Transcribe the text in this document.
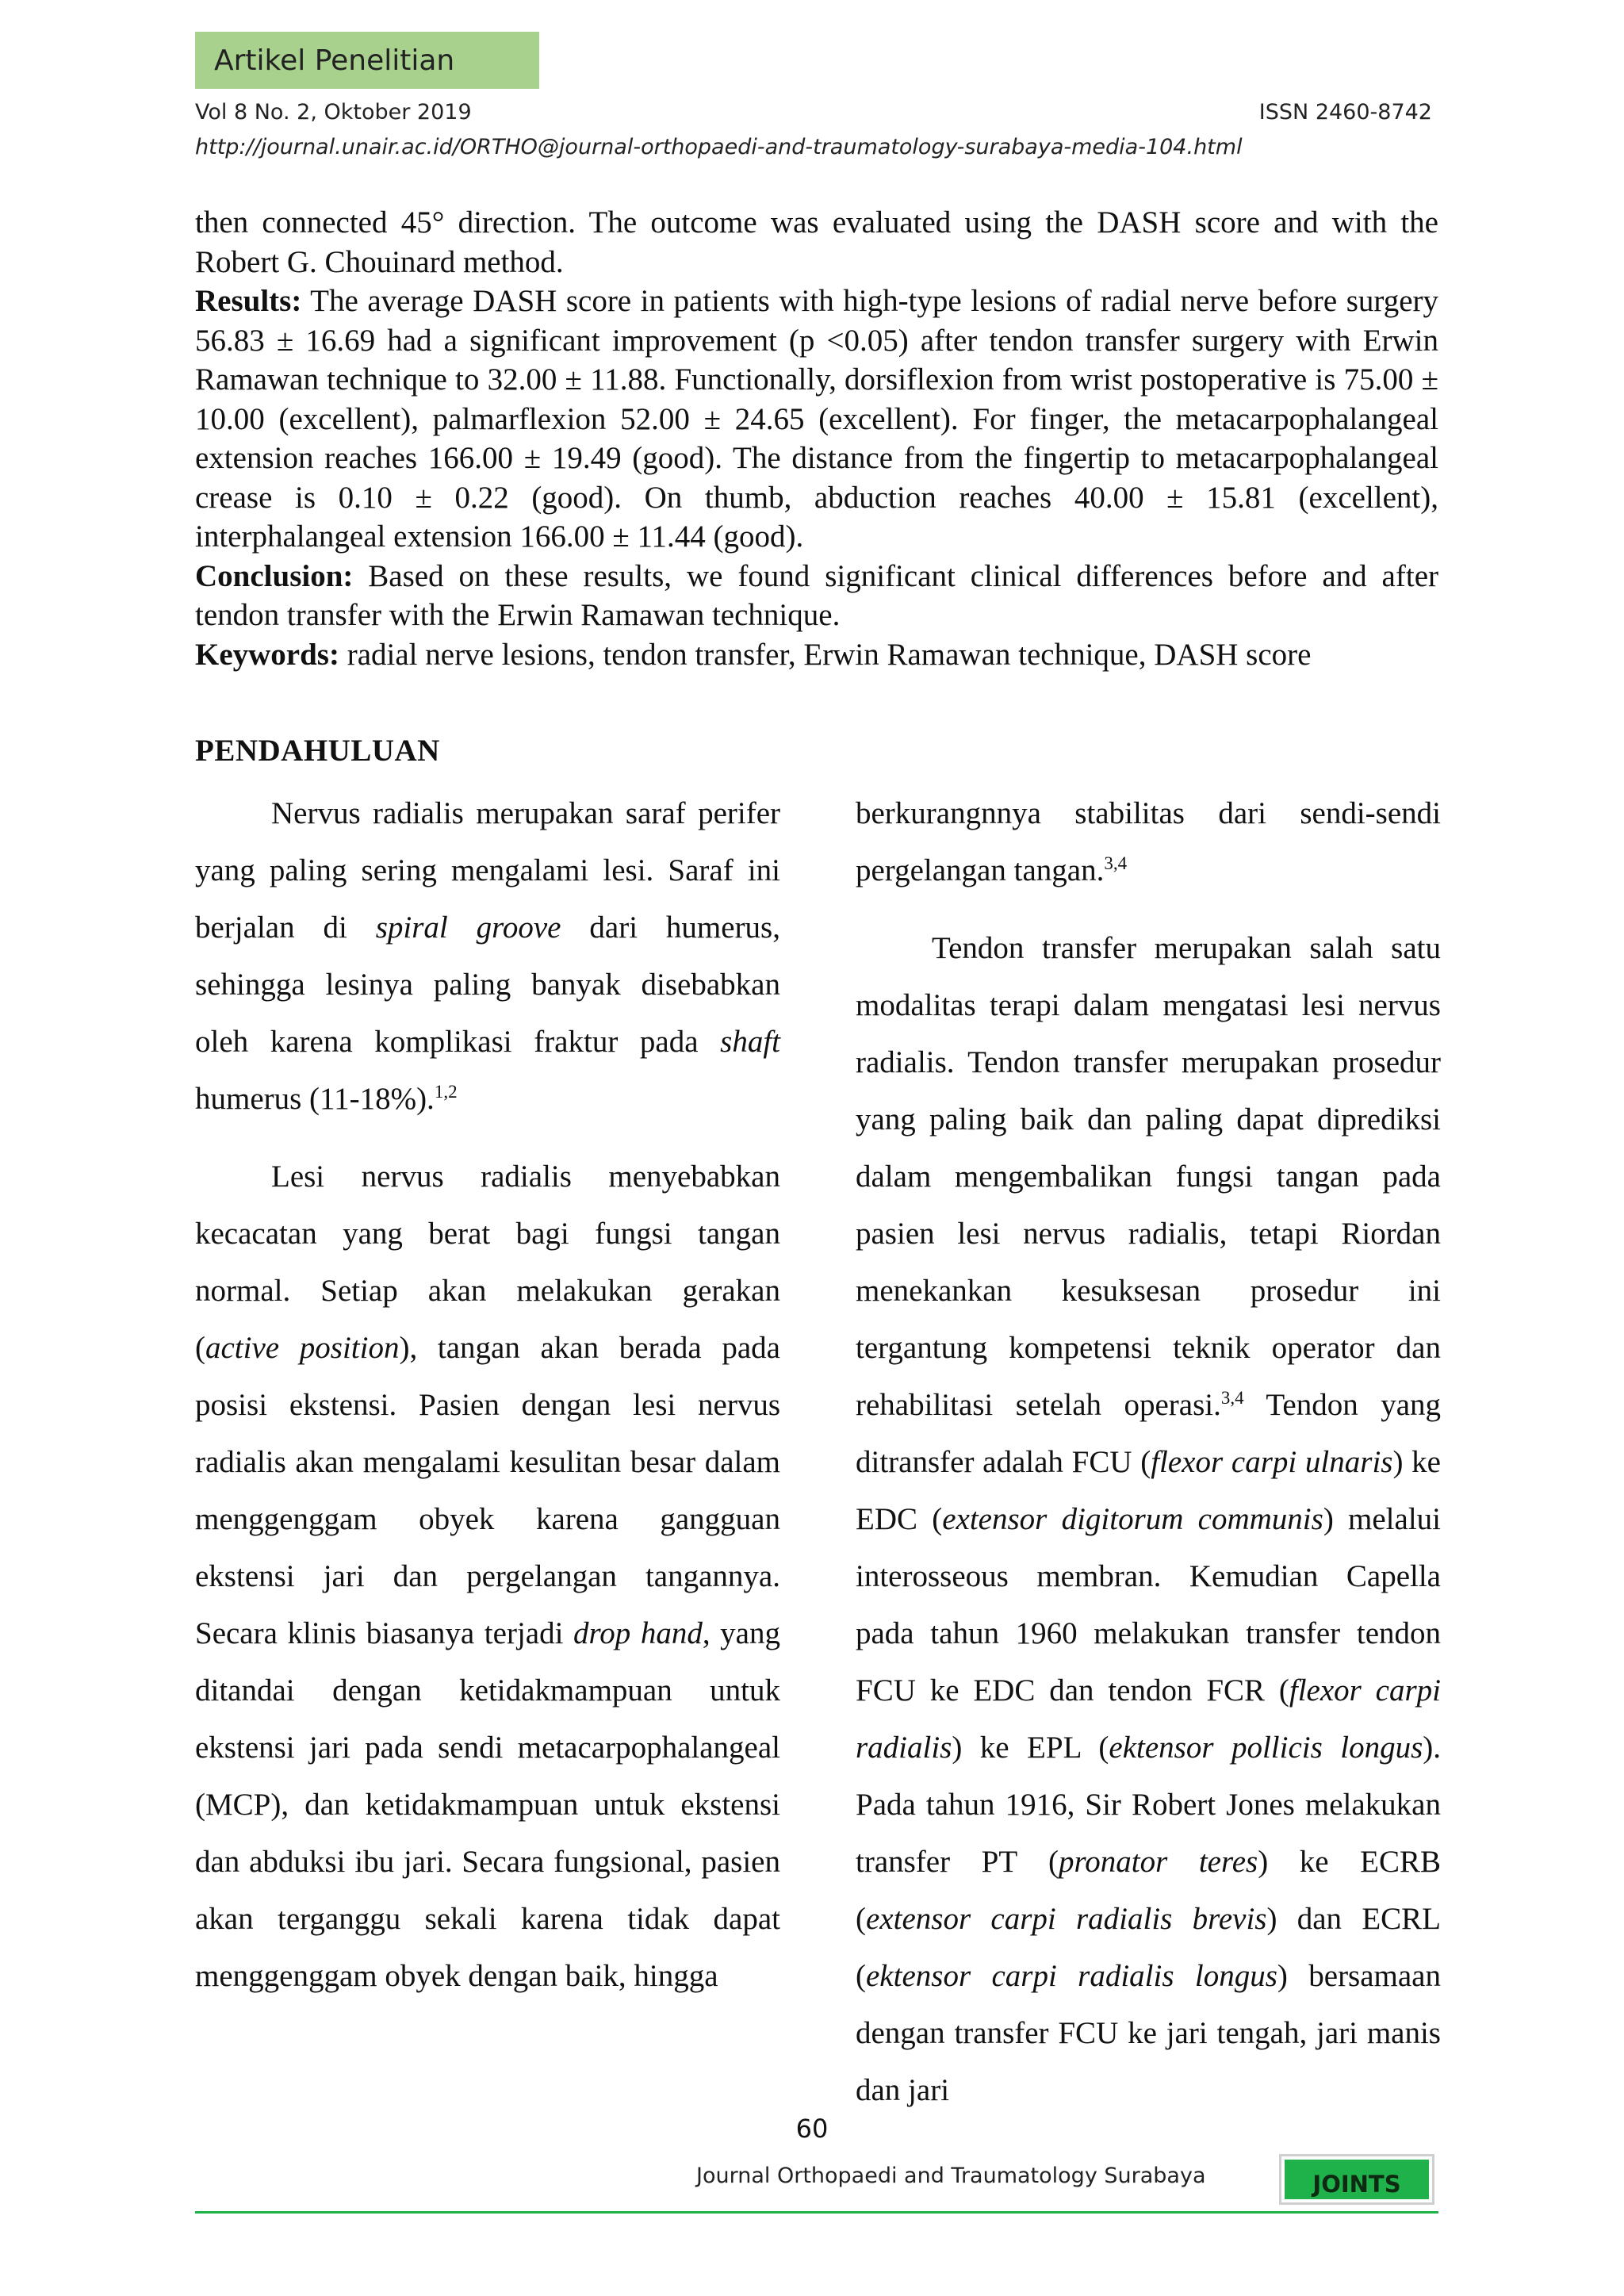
Artikel Penelitian
Vol 8 No. 2, Oktober 2019	ISSN 2460-8742
http://journal.unair.ac.id/ORTHO@journal-orthopaedi-and-traumatology-surabaya-media-104.html

then connected 45° direction. The outcome was evaluated using the DASH score and with the Robert G. Chouinard method.

Results: The average DASH score in patients with high-type lesions of radial nerve before surgery 56.83 ± 16.69 had a significant improvement (p <0.05) after tendon transfer surgery with Erwin Ramawan technique to 32.00 ± 11.88. Functionally, dorsiflexion from wrist postoperative is 75.00 ± 10.00 (excellent), palmarflexion 52.00 ± 24.65 (excellent). For finger, the metacarpophalangeal extension reaches 166.00 ± 19.49 (good). The distance from the fingertip to metacarpophalangeal crease is 0.10 ± 0.22 (good). On thumb, abduction reaches 40.00 ± 15.81 (excellent), interphalangeal extension 166.00 ± 11.44 (good).

Conclusion: Based on these results, we found significant clinical differences before and after tendon transfer with the Erwin Ramawan technique.

Keywords: radial nerve lesions, tendon transfer, Erwin Ramawan technique, DASH score

PENDAHULUAN

Nervus radialis merupakan saraf perifer yang paling sering mengalami lesi. Saraf ini berjalan di spiral groove dari humerus, sehingga lesinya paling banyak disebabkan oleh karena komplikasi fraktur pada shaft humerus (11-18%).$^{1,2}$

Lesi nervus radialis menyebabkan kecacatan yang berat bagi fungsi tangan normal. Setiap akan melakukan gerakan (active position), tangan akan berada pada posisi ekstensi. Pasien dengan lesi nervus radialis akan mengalami kesulitan besar dalam menggenggam obyek karena gangguan ekstensi jari dan pergelangan tangannya. Secara klinis biasanya terjadi drop hand, yang ditandai dengan ketidakmampuan untuk ekstensi jari pada sendi metacarpophalangeal (MCP), dan ketidakmampuan untuk ekstensi dan abduksi ibu jari. Secara fungsional, pasien akan terganggu sekali karena tidak dapat menggenggam obyek dengan baik, hingga

berkurangnnya stabilitas dari sendi-sendi pergelangan tangan.$^{3,4}$

Tendon transfer merupakan salah satu modalitas terapi dalam mengatasi lesi nervus radialis. Tendon transfer merupakan prosedur yang paling baik dan paling dapat diprediksi dalam mengembalikan fungsi tangan pada pasien lesi nervus radialis, tetapi Riordan menekankan kesuksesan prosedur ini tergantung kompetensi teknik operator dan rehabilitasi setelah operasi.$^{3,4}$ Tendon yang ditransfer adalah FCU (flexor carpi ulnaris) ke EDC (extensor digitorum communis) melalui interosseous membran. Kemudian Capella pada tahun 1960 melakukan transfer tendon FCU ke EDC dan tendon FCR (flexor carpi radialis) ke EPL (ektensor pollicis longus). Pada tahun 1916, Sir Robert Jones melakukan transfer PT (pronator teres) ke ECRB (extensor carpi radialis brevis) dan ECRL (ektensor carpi radialis longus) bersamaan dengan transfer FCU ke jari tengah, jari manis dan jari

60
Journal Orthopaedi and Traumatology Surabaya	JOINTS
